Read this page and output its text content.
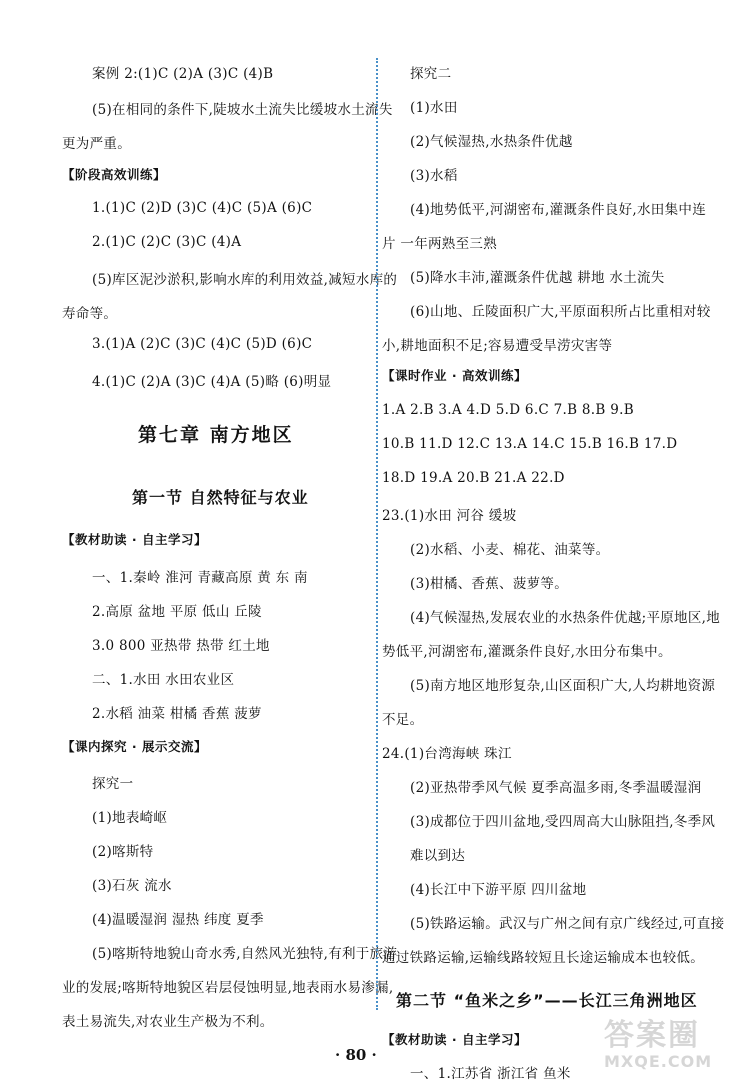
案例 2:(1)C (2)A (3)C (4)B
(5)在相同的条件下,陡坡水土流失比缓坡水土流失
更为严重。
【阶段高效训练】
1.(1)C (2)D (3)C (4)C (5)A (6)C
2.(1)C (2)C (3)C (4)A
(5)库区泥沙淤积,影响水库的利用效益,减短水库的
寿命等。
3.(1)A (2)C (3)C (4)C (5)D (6)C
4.(1)C (2)A (3)C (4)A (5)略 (6)明显
第七章 南方地区
第一节 自然特征与农业
【教材助读 · 自主学习】
一、1.秦岭 淮河 青藏高原 黄 东 南
2.高原 盆地 平原 低山 丘陵
3.0 800 亚热带 热带 红土地
二、1.水田 水田农业区
2.水稻 油菜 柑橘 香蕉 菠萝
【课内探究 · 展示交流】
探究一
(1)地表崎岖
(2)喀斯特
(3)石灰 流水
(4)温暖湿润 湿热 纬度 夏季
(5)喀斯特地貌山奇水秀,自然风光独特,有利于旅游
业的发展;喀斯特地貌区岩层侵蚀明显,地表雨水易渗漏,
表土易流失,对农业生产极为不利。
探究二
(1)水田
(2)气候湿热,水热条件优越
(3)水稻
(4)地势低平,河湖密布,灌溉条件良好,水田集中连
片 一年两熟至三熟
(5)降水丰沛,灌溉条件优越 耕地 水土流失
(6)山地、丘陵面积广大,平原面积所占比重相对较
小,耕地面积不足;容易遭受旱涝灾害等
【课时作业 · 高效训练】
1.A 2.B 3.A 4.D 5.D 6.C 7.B 8.B 9.B
10.B 11.D 12.C 13.A 14.C 15.B 16.B 17.D
18.D 19.A 20.B 21.A 22.D
23.(1)水田 河谷 缓坡
(2)水稻、小麦、棉花、油菜等。
(3)柑橘、香蕉、菠萝等。
(4)气候湿热,发展农业的水热条件优越;平原地区,地
势低平,河湖密布,灌溉条件良好,水田分布集中。
(5)南方地区地形复杂,山区面积广大,人均耕地资源
不足。
24.(1)台湾海峡 珠江
(2)亚热带季风气候 夏季高温多雨,冬季温暖湿润
(3)成都位于四川盆地,受四周高大山脉阻挡,冬季风
难以到达
(4)长江中下游平原 四川盆地
(5)铁路运输。武汉与广州之间有京广线经过,可直接
通过铁路运输,运输线路较短且长途运输成本也较低。
第二节 “鱼米之乡”——长江三角洲地区
【教材助读 · 自主学习】
一、1.江苏省 浙江省 鱼米
· 80 ·
答案圈
MXQE.COM
